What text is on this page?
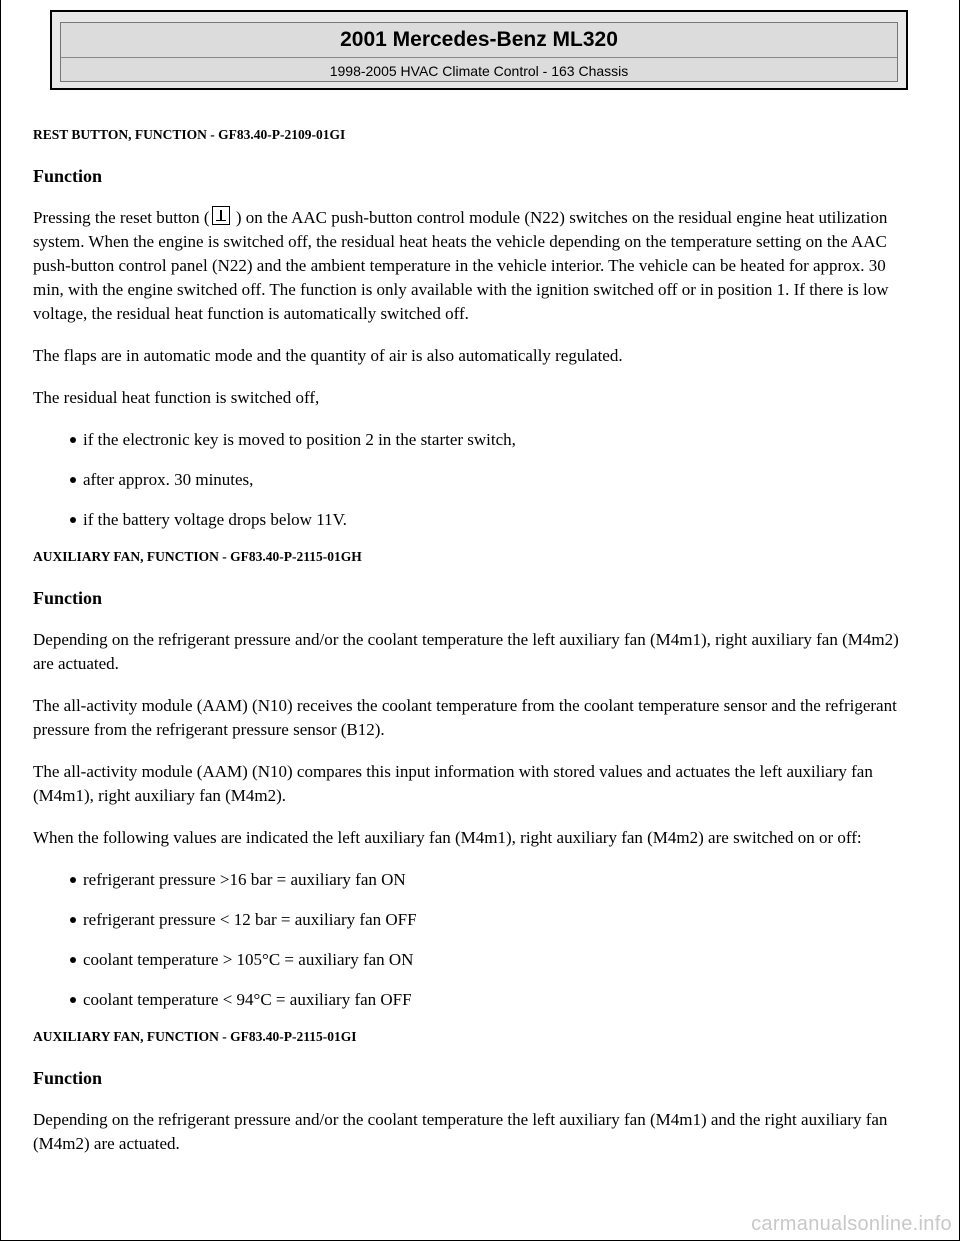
2001 Mercedes-Benz ML320
1998-2005 HVAC Climate Control - 163 Chassis
REST BUTTON, FUNCTION - GF83.40-P-2109-01GI
Function

Pressing the reset button ( ) on the AAC push-button control module (N22) switches on the residual engine heat utilization system. When the engine is switched off, the residual heat heats the vehicle depending on the temperature setting on the AAC push-button control panel (N22) and the ambient temperature in the vehicle interior. The vehicle can be heated for approx. 30 min, with the engine switched off. The function is only available with the ignition switched off or in position 1. If there is low voltage, the residual heat function is automatically switched off.

The flaps are in automatic mode and the quantity of air is also automatically regulated.

The residual heat function is switched off,

if the electronic key is moved to position 2 in the starter switch,
after approx. 30 minutes,
if the battery voltage drops below 11V.
AUXILIARY FAN, FUNCTION - GF83.40-P-2115-01GH
Function

Depending on the refrigerant pressure and/or the coolant temperature the left auxiliary fan (M4m1), right auxiliary fan (M4m2) are actuated.

The all-activity module (AAM) (N10) receives the coolant temperature from the coolant temperature sensor and the refrigerant pressure from the refrigerant pressure sensor (B12).

The all-activity module (AAM) (N10) compares this input information with stored values and actuates the left auxiliary fan (M4m1), right auxiliary fan (M4m2).

When the following values are indicated the left auxiliary fan (M4m1), right auxiliary fan (M4m2) are switched on or off:

refrigerant pressure >16 bar = auxiliary fan ON
refrigerant pressure < 12 bar = auxiliary fan OFF
coolant temperature > 105°C = auxiliary fan ON
coolant temperature < 94°C = auxiliary fan OFF
AUXILIARY FAN, FUNCTION - GF83.40-P-2115-01GI
Function

Depending on the refrigerant pressure and/or the coolant temperature the left auxiliary fan (M4m1) and the right auxiliary fan (M4m2) are actuated.

carmanualsonline.info
